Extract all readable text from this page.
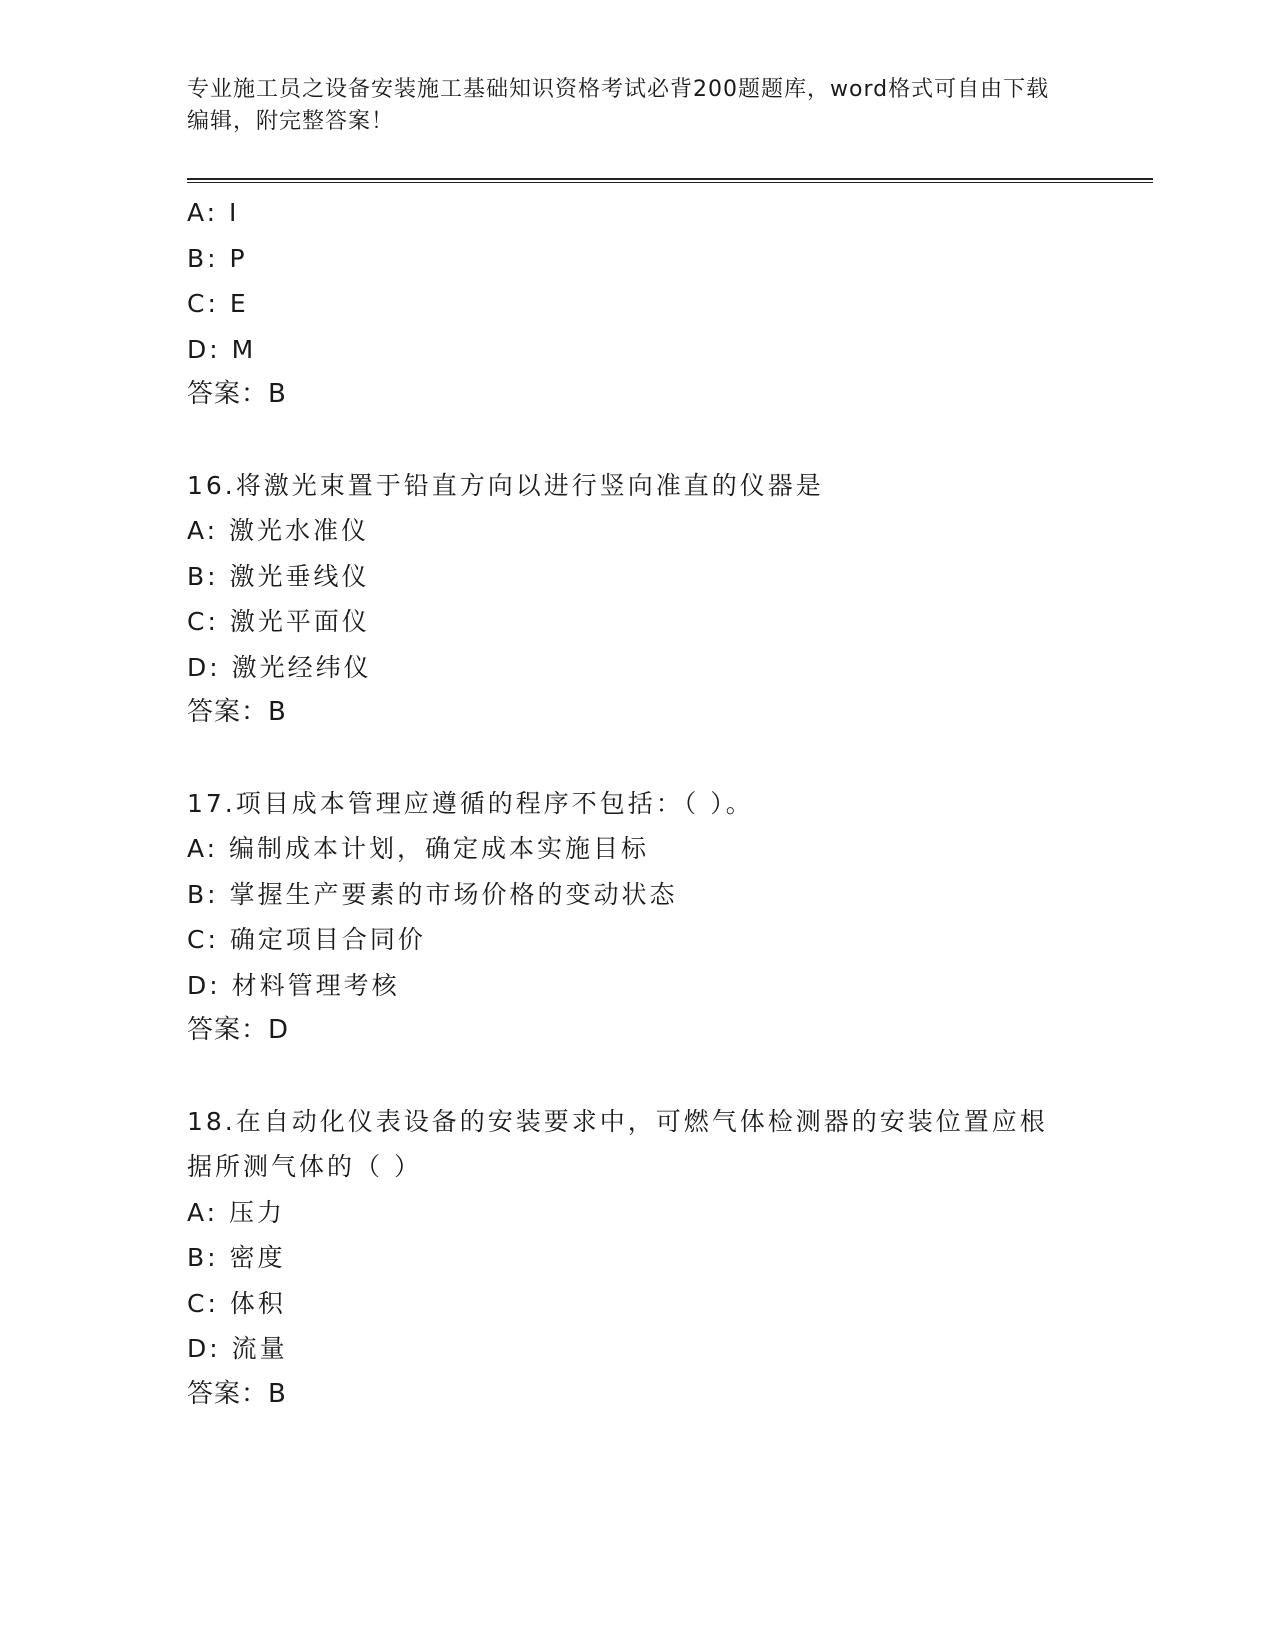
专业施工员之设备安装施工基础知识资格考试必背200题题库，word格式可自由下载编辑，附完整答案！

A: I

B: P

C: E

D: M

答案：B

16.将激光束置于铅直方向以进行竖向准直的仪器是

A: 激光水准仪

B: 激光垂线仪

C: 激光平面仪

D: 激光经纬仪

答案：B

17.项目成本管理应遵循的程序不包括：（ ）。

A: 编制成本计划，确定成本实施目标

B: 掌握生产要素的市场价格的变动状态

C: 确定项目合同价

D: 材料管理考核

答案：D

18.在自动化仪表设备的安装要求中，可燃气体检测器的安装位置应根

据所测气体的（ ）

A: 压力

B: 密度

C: 体积

D: 流量

答案：B
